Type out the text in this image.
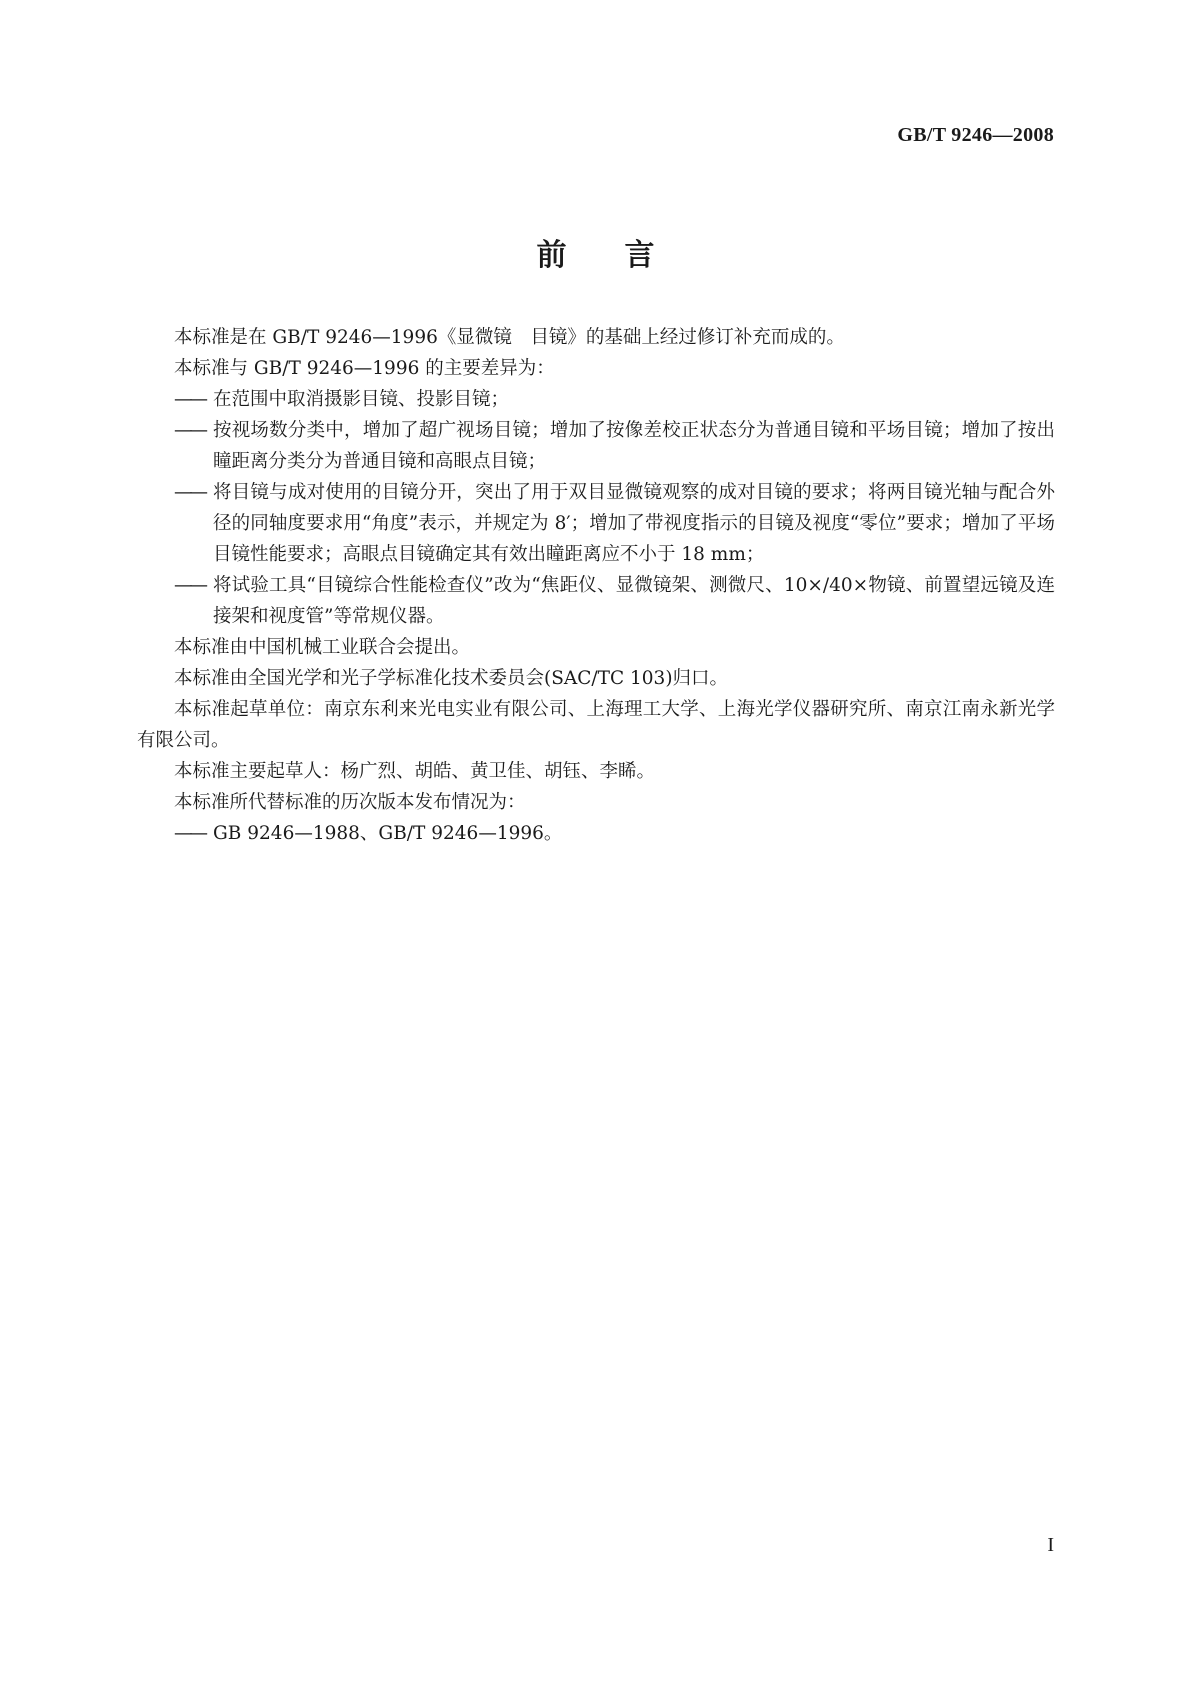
GB/T 9246—2008
前言

本标准是在 GB/T 9246—1996《显微镜　目镜》的基础上经过修订补充而成的。

本标准与 GB/T 9246—1996 的主要差异为：

—— 在范围中取消摄影目镜、投影目镜；

—— 按视场数分类中，增加了超广视场目镜；增加了按像差校正状态分为普通目镜和平场目镜；增加了按出瞳距离分类分为普通目镜和高眼点目镜；

—— 将目镜与成对使用的目镜分开，突出了用于双目显微镜观察的成对目镜的要求；将两目镜光轴与配合外径的同轴度要求用“角度”表示，并规定为 8′；增加了带视度指示的目镜及视度“零位”要求；增加了平场目镜性能要求；高眼点目镜确定其有效出瞳距离应不小于 18 mm；

—— 将试验工具“目镜综合性能检查仪”改为“焦距仪、显微镜架、测微尺、10×/40×物镜、前置望远镜及连接架和视度管”等常规仪器。

本标准由中国机械工业联合会提出。

本标准由全国光学和光子学标准化技术委员会(SAC/TC 103)归口。

本标准起草单位：南京东利来光电实业有限公司、上海理工大学、上海光学仪器研究所、南京江南永新光学有限公司。

本标准主要起草人：杨广烈、胡皓、黄卫佳、胡钰、李睎。

本标准所代替标准的历次版本发布情况为：

—— GB 9246—1988、GB/T 9246—1996。

I
